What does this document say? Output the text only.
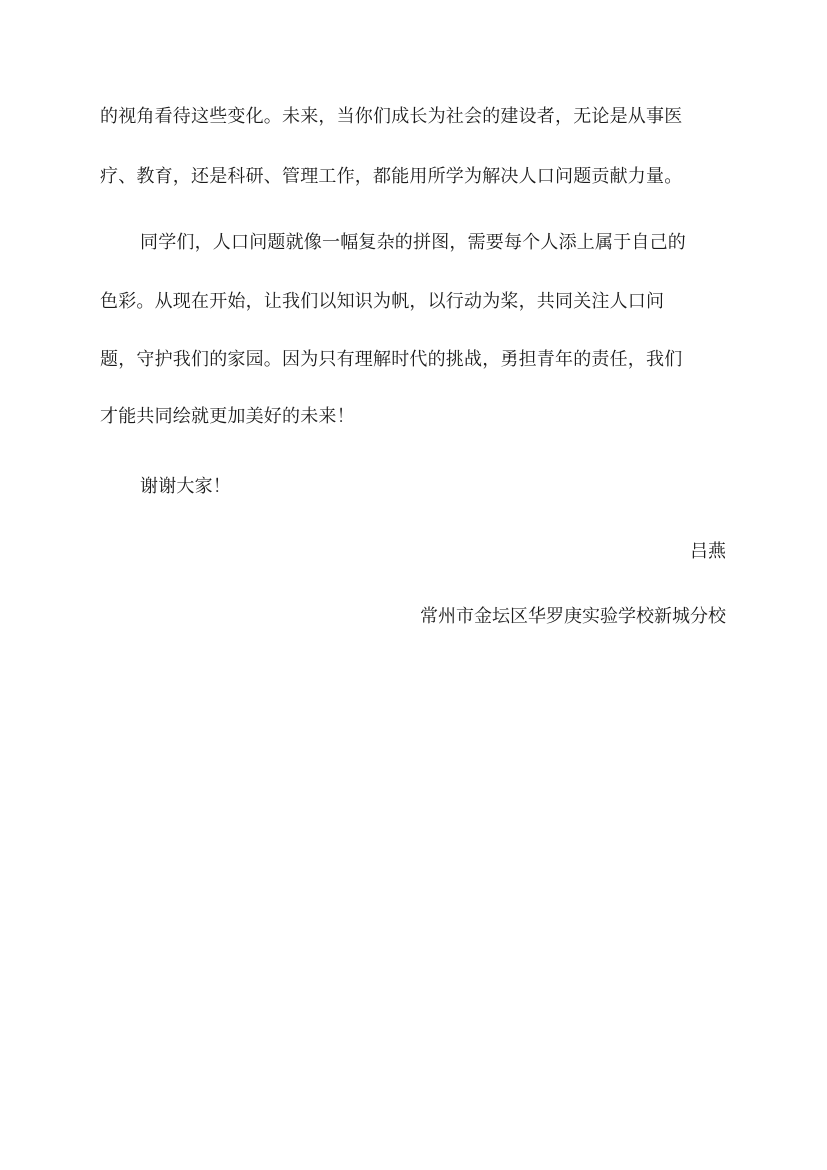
的视角看待这些变化。未来，当你们成长为社会的建设者，无论是从事医
疗、教育，还是科研、管理工作，都能用所学为解决人口问题贡献力量。
同学们，人口问题就像一幅复杂的拼图，需要每个人添上属于自己的
色彩。从现在开始，让我们以知识为帆，以行动为桨，共同关注人口问
题，守护我们的家园。因为只有理解时代的挑战，勇担青年的责任，我们
才能共同绘就更加美好的未来！
谢谢大家！
吕燕
常州市金坛区华罗庚实验学校新城分校
